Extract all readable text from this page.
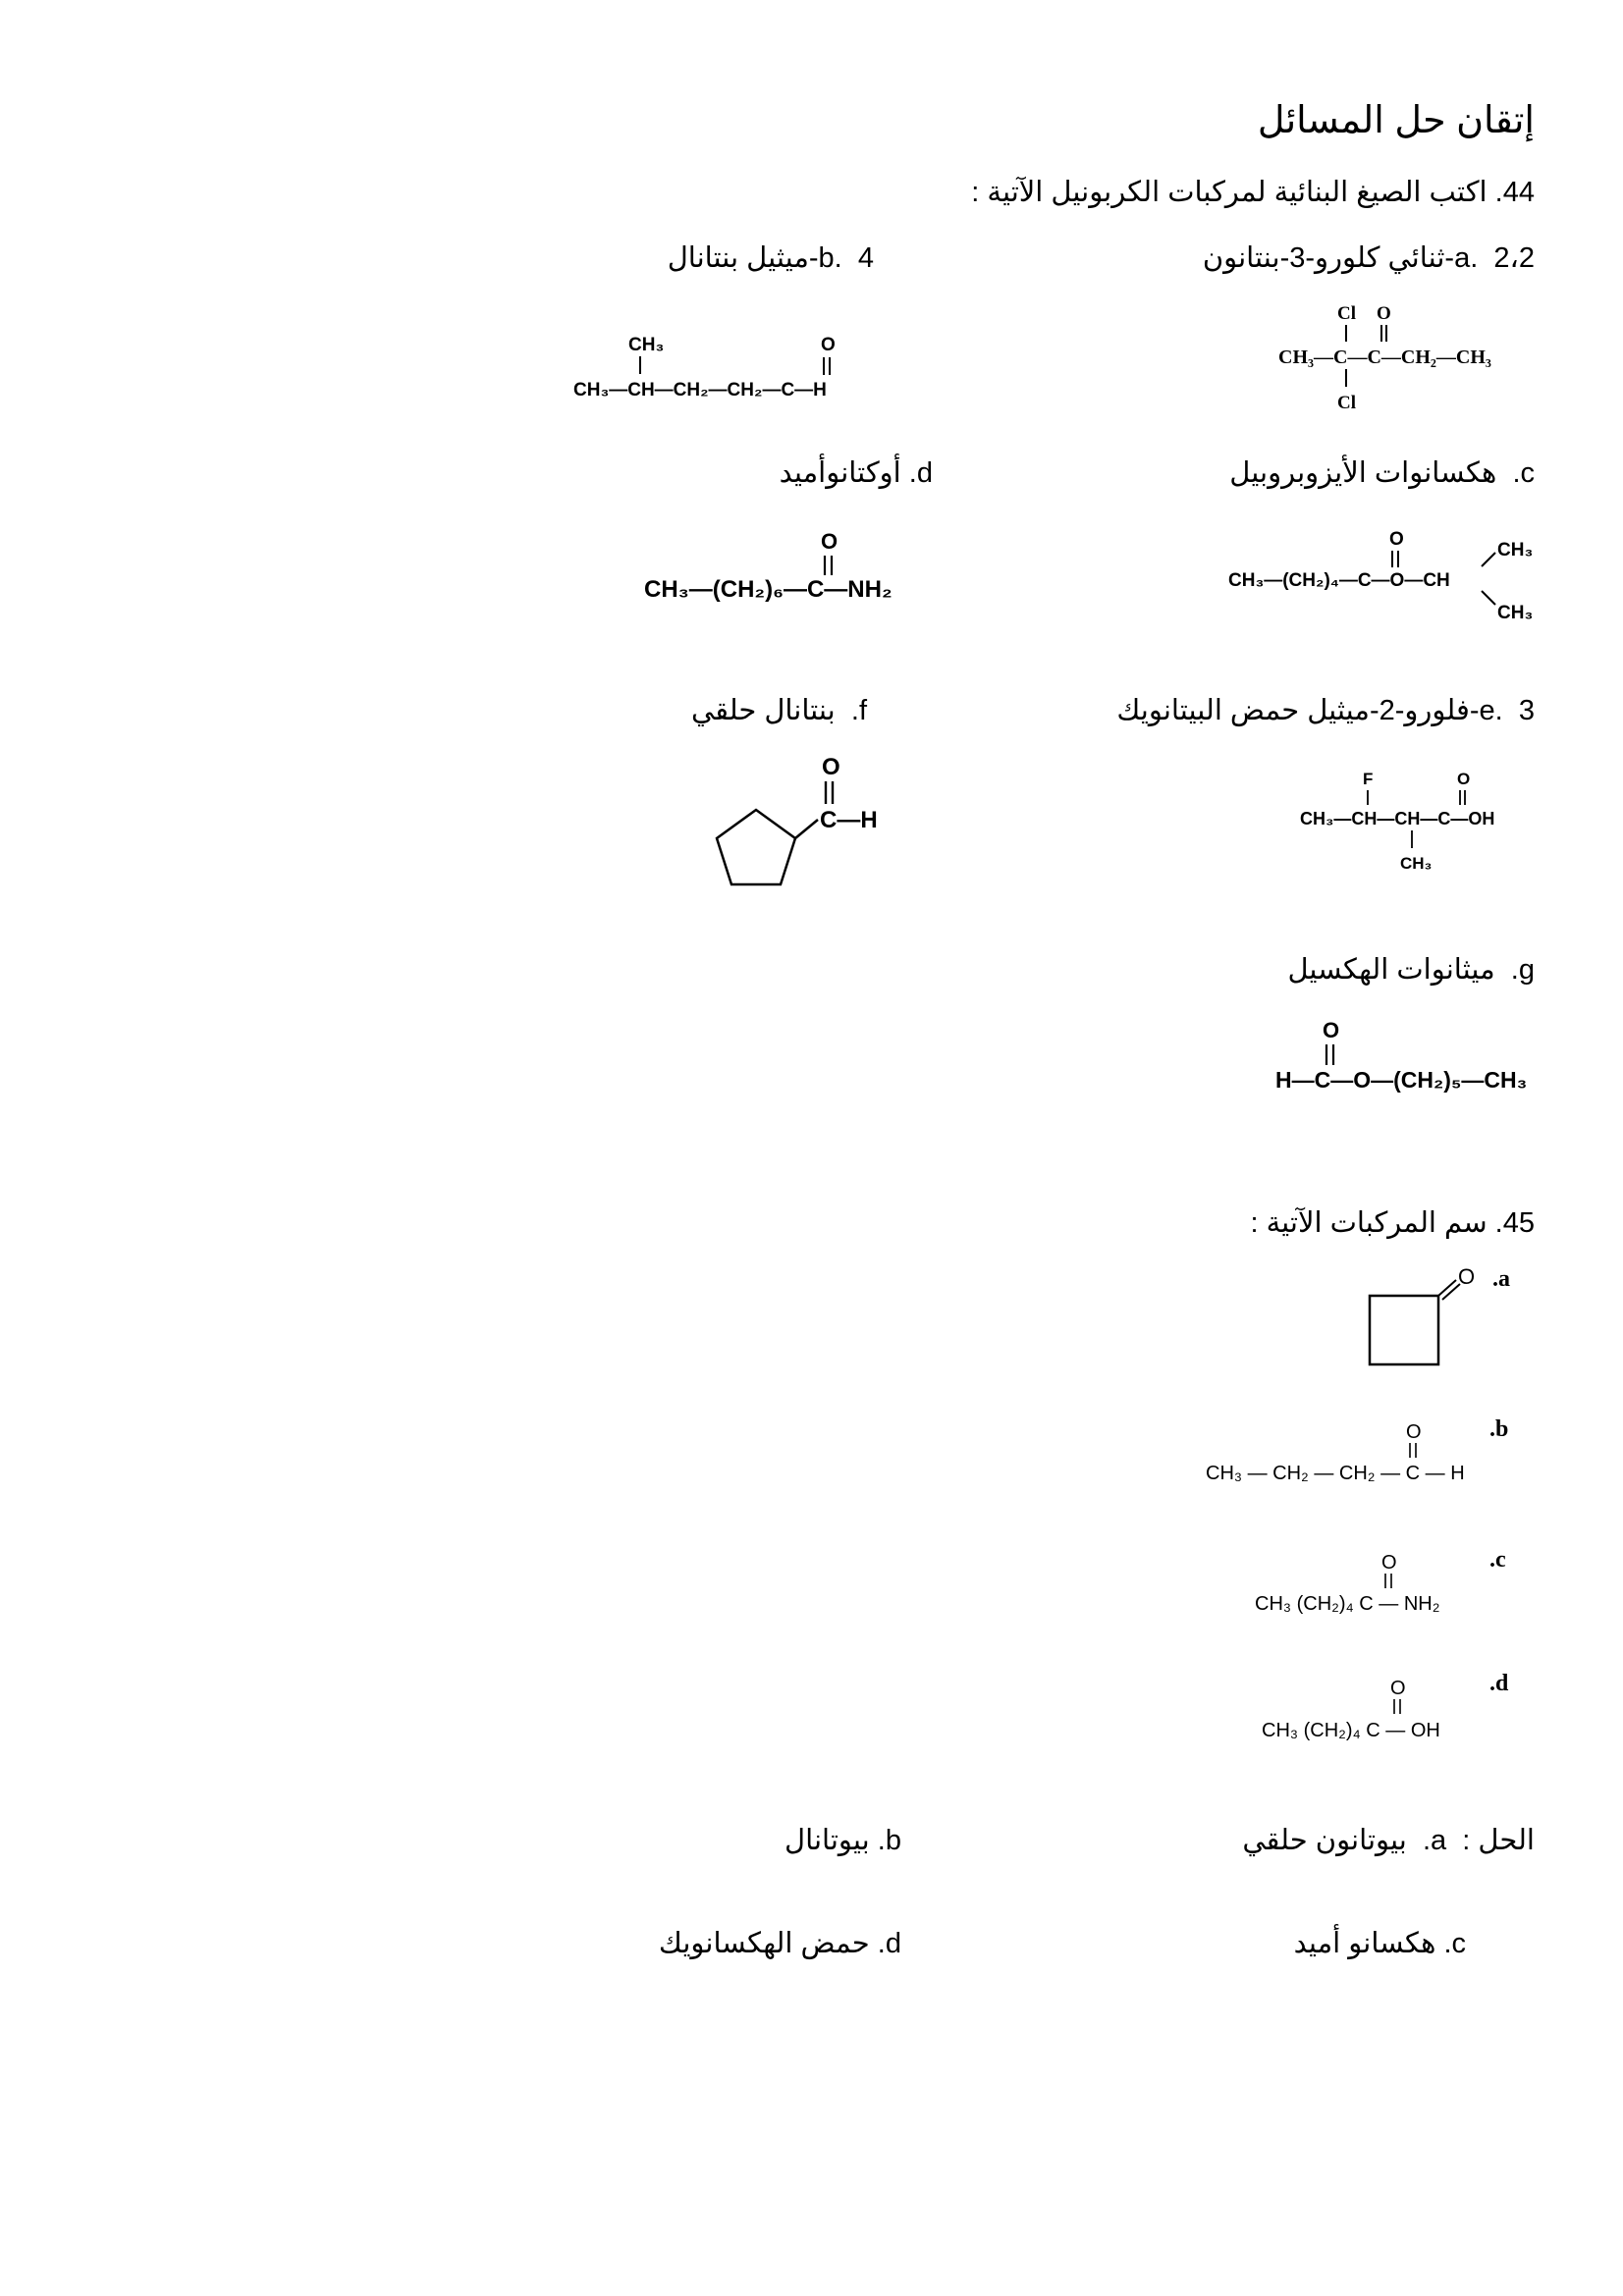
إتقان حل المسائل
44. اكتب الصيغ البنائية لمركبات الكربونيل الآتية :
a.  2،2-ثنائي كلورو-3-بنتانون
b.  4-ميثيل بنتانال
c.  هكسانوات الأيزوبروبيل
d. أوكتانوأميد
e.  3-فلورو-2-ميثيل حمض البيتانويك
f.  بنتانال حلقي
g.  ميثانوات الهكسيل
Cl O
CH₃—C—C—CH₂—CH₃
Cl
CH₃	O
CH₃—CH—CH₂—CH₂—C—H
O
CH₃—(CH₂)₄—C—O—CH
CH₃
CH₃
O
CH₃—(CH₂)₆—C—NH₂
F	O
CH₃—CH—CH—C—OH
CH₃
O
C—H
O
H—C—O—(CH₂)₅—CH₃
45. سم المركبات الآتية :
.a
O
.b
O
CH₃ — CH₂ — CH₂ — C — H
.c
O
CH₃ (CH₂)₄ C — NH₂
.d
O
CH₃ (CH₂)₄ C — OH
الحل :  a.  بيوتانون حلقي
b. بيوتانال
c. هكسانو أميد
d. حمض الهكسانويك
